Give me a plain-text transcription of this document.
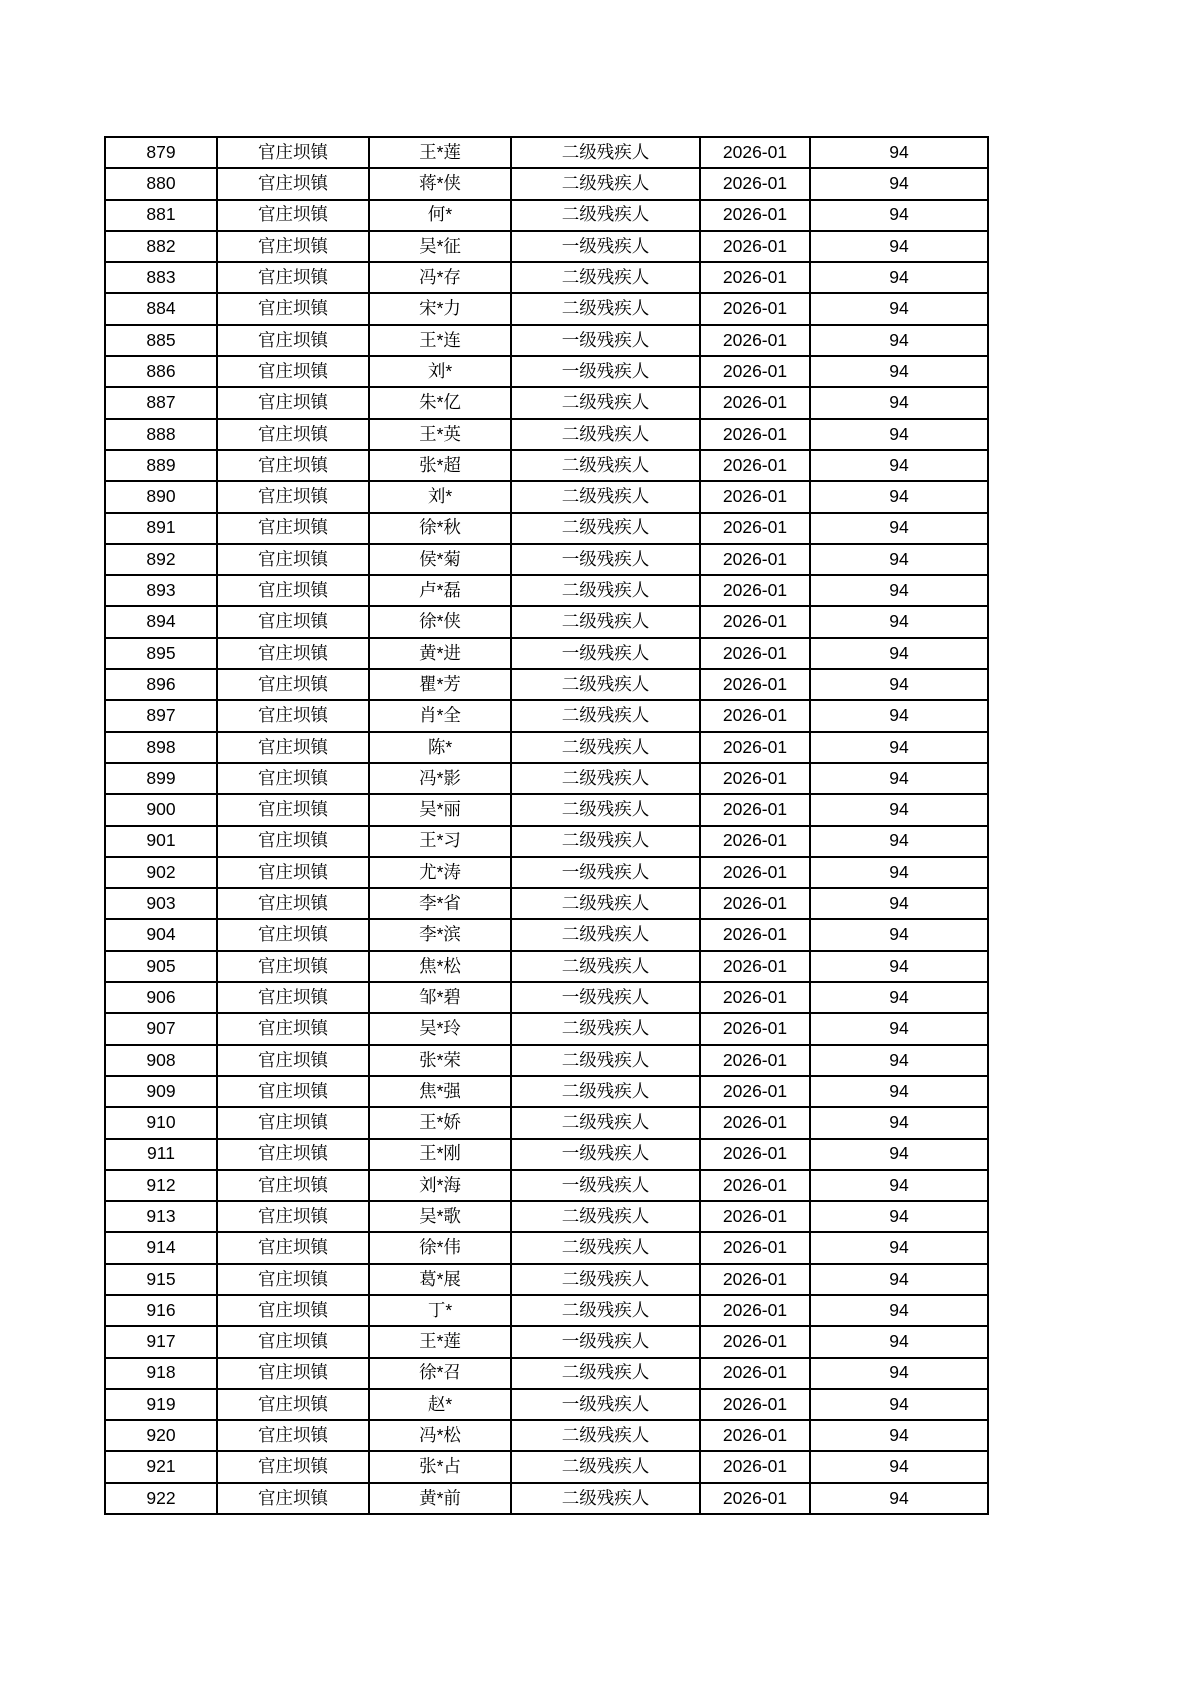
879	官庄坝镇	王*莲	二级残疾人	2026-01	94
880	官庄坝镇	蒋*侠	二级残疾人	2026-01	94
881	官庄坝镇	何*	二级残疾人	2026-01	94
882	官庄坝镇	吴*征	一级残疾人	2026-01	94
883	官庄坝镇	冯*存	二级残疾人	2026-01	94
884	官庄坝镇	宋*力	二级残疾人	2026-01	94
885	官庄坝镇	王*连	一级残疾人	2026-01	94
886	官庄坝镇	刘*	一级残疾人	2026-01	94
887	官庄坝镇	朱*亿	二级残疾人	2026-01	94
888	官庄坝镇	王*英	二级残疾人	2026-01	94
889	官庄坝镇	张*超	二级残疾人	2026-01	94
890	官庄坝镇	刘*	二级残疾人	2026-01	94
891	官庄坝镇	徐*秋	二级残疾人	2026-01	94
892	官庄坝镇	侯*菊	一级残疾人	2026-01	94
893	官庄坝镇	卢*磊	二级残疾人	2026-01	94
894	官庄坝镇	徐*侠	二级残疾人	2026-01	94
895	官庄坝镇	黄*进	一级残疾人	2026-01	94
896	官庄坝镇	瞿*芳	二级残疾人	2026-01	94
897	官庄坝镇	肖*全	二级残疾人	2026-01	94
898	官庄坝镇	陈*	二级残疾人	2026-01	94
899	官庄坝镇	冯*影	二级残疾人	2026-01	94
900	官庄坝镇	吴*丽	二级残疾人	2026-01	94
901	官庄坝镇	王*习	二级残疾人	2026-01	94
902	官庄坝镇	尤*涛	一级残疾人	2026-01	94
903	官庄坝镇	李*省	二级残疾人	2026-01	94
904	官庄坝镇	李*滨	二级残疾人	2026-01	94
905	官庄坝镇	焦*松	二级残疾人	2026-01	94
906	官庄坝镇	邹*碧	一级残疾人	2026-01	94
907	官庄坝镇	吴*玲	二级残疾人	2026-01	94
908	官庄坝镇	张*荣	二级残疾人	2026-01	94
909	官庄坝镇	焦*强	二级残疾人	2026-01	94
910	官庄坝镇	王*娇	二级残疾人	2026-01	94
911	官庄坝镇	王*刚	一级残疾人	2026-01	94
912	官庄坝镇	刘*海	一级残疾人	2026-01	94
913	官庄坝镇	吴*歌	二级残疾人	2026-01	94
914	官庄坝镇	徐*伟	二级残疾人	2026-01	94
915	官庄坝镇	葛*展	二级残疾人	2026-01	94
916	官庄坝镇	丁*	二级残疾人	2026-01	94
917	官庄坝镇	王*莲	一级残疾人	2026-01	94
918	官庄坝镇	徐*召	二级残疾人	2026-01	94
919	官庄坝镇	赵*	一级残疾人	2026-01	94
920	官庄坝镇	冯*松	二级残疾人	2026-01	94
921	官庄坝镇	张*占	二级残疾人	2026-01	94
922	官庄坝镇	黄*前	二级残疾人	2026-01	94
